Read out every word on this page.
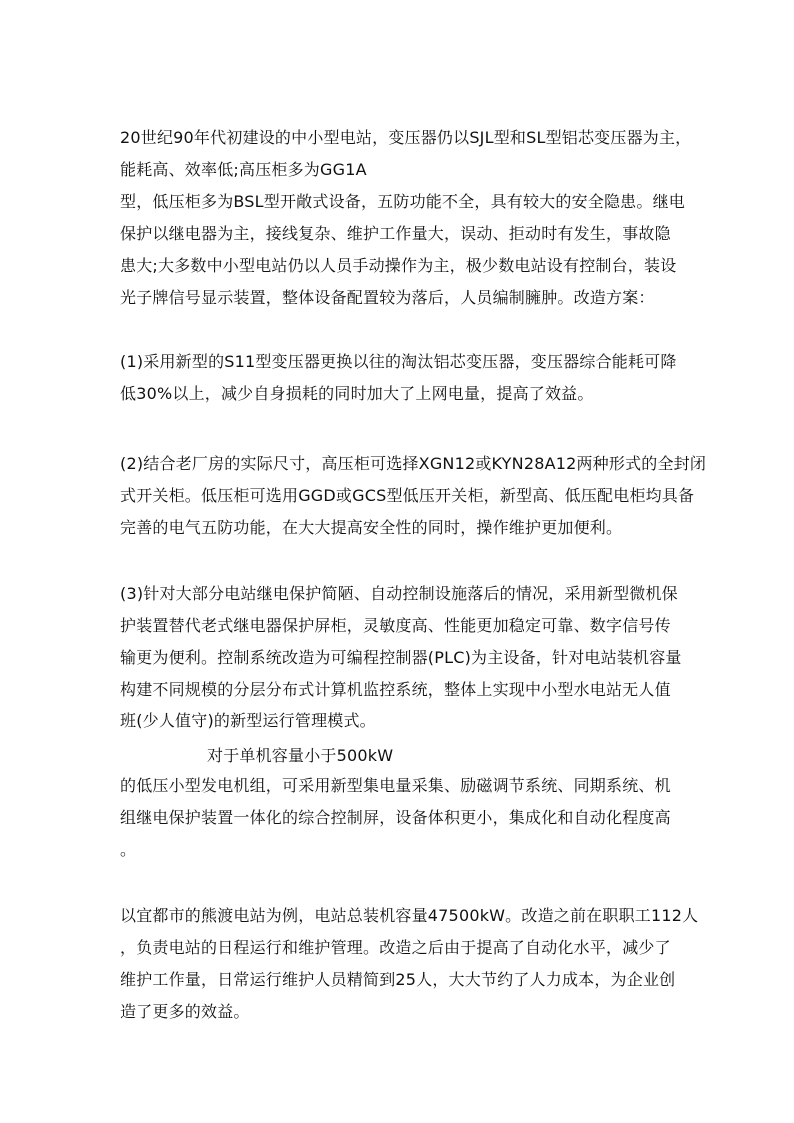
20世纪90年代初建设的中小型电站，变压器仍以SJL型和SL型铝芯变压器为主，
能耗高、效率低;高压柜多为GG1A
型，低压柜多为BSL型开敞式设备，五防功能不全，具有较大的安全隐患。继电
保护以继电器为主，接线复杂、维护工作量大，误动、拒动时有发生，事故隐
患大;大多数中小型电站仍以人员手动操作为主，极少数电站设有控制台，装设
光子牌信号显示装置，整体设备配置较为落后，人员编制臃肿。改造方案：
(1)采用新型的S11型变压器更换以往的淘汰铝芯变压器，变压器综合能耗可降
低30%以上，减少自身损耗的同时加大了上网电量，提高了效益。
(2)结合老厂房的实际尺寸，高压柜可选择XGN12或KYN28A12两种形式的全封闭
式开关柜。低压柜可选用GGD或GCS型低压开关柜，新型高、低压配电柜均具备
完善的电气五防功能，在大大提高安全性的同时，操作维护更加便利。
(3)针对大部分电站继电保护简陋、自动控制设施落后的情况，采用新型微机保
护装置替代老式继电器保护屏柜，灵敏度高、性能更加稳定可靠、数字信号传
输更为便利。控制系统改造为可编程控制器(PLC)为主设备，针对电站装机容量
构建不同规模的分层分布式计算机监控系统，整体上实现中小型水电站无人值
班(少人值守)的新型运行管理模式。
对于单机容量小于500kW
的低压小型发电机组，可采用新型集电量采集、励磁调节系统、同期系统、机
组继电保护装置一体化的综合控制屏，设备体积更小，集成化和自动化程度高
。
以宜都市的熊渡电站为例，电站总装机容量47500kW。改造之前在职职工112人
，负责电站的日程运行和维护管理。改造之后由于提高了自动化水平，减少了
维护工作量，日常运行维护人员精简到25人，大大节约了人力成本，为企业创
造了更多的效益。
